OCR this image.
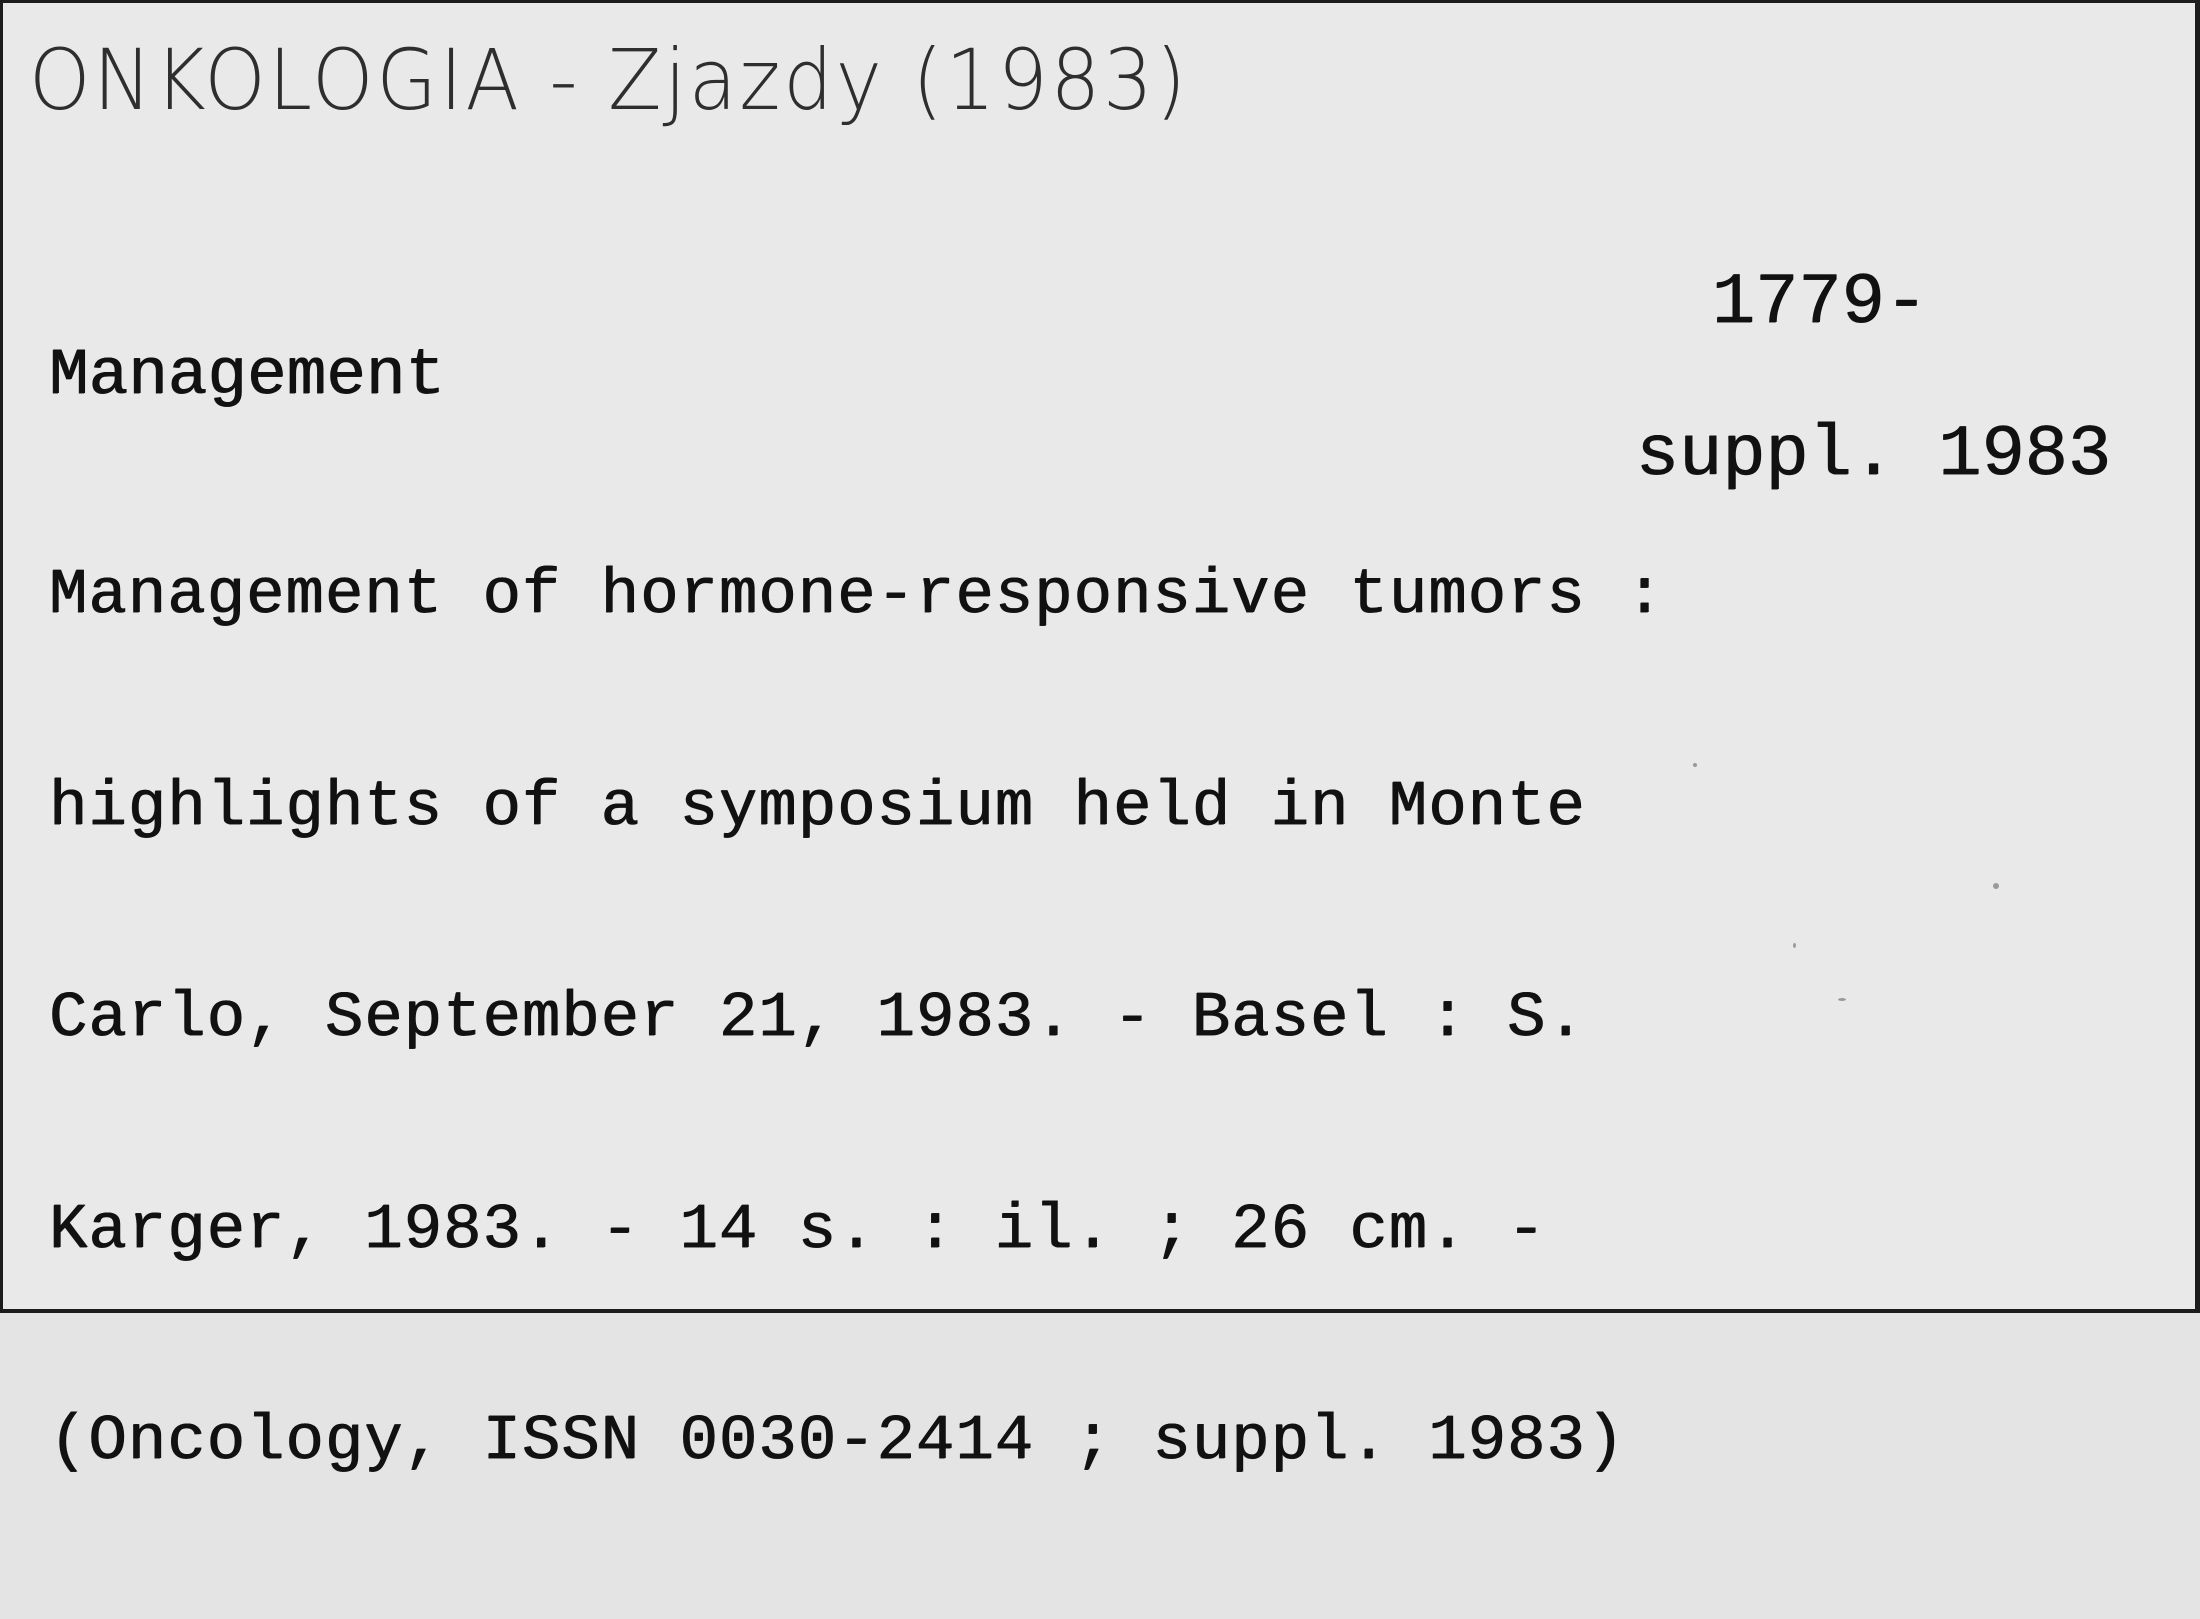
ONKOLOGIA - Zjazdy (1983)

1779-

suppl. 1983

Management

Management of hormone-responsive tumors :

highlights of a symposium held in Monte

Carlo, September 21, 1983. - Basel : S.

Karger, 1983. - 14 s. : il. ; 26 cm. -

(Oncology, ISSN 0030-2414 ; suppl. 1983)
